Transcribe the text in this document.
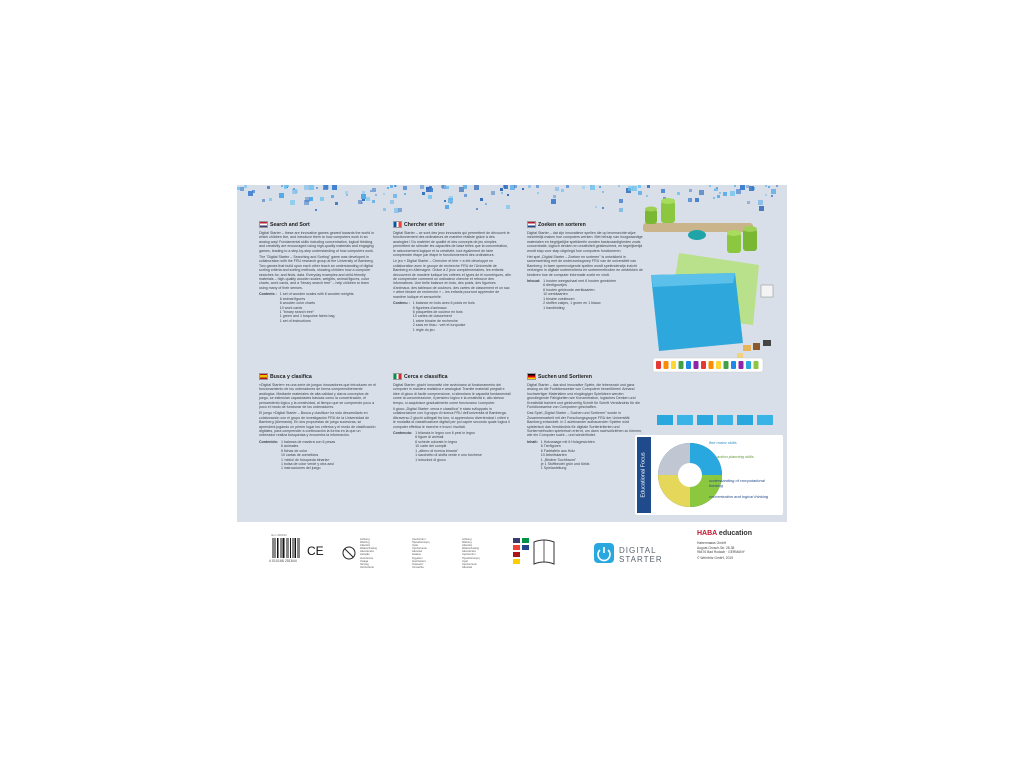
Search and Sort

Digital Starter – these are innovative games geared towards the world in which children live, and introduce them to how computers work in an analog way! Fundamental skills including concentration, logical thinking, and creativity are encouraged using high-quality materials and engaging games, leading to a step-by-step understanding of how computers work.

The "Digital Starter – Searching and Sorting" game was developed in collaboration with the FRU research group at the University of Bamberg. Two games that build upon each other teach an understanding of digital sorting criteria and sorting methods, showing children how a computer searches for, and finds, data. Everyday examples and child-friendly materials – high-quality wooden scales, weights, animal figures, color charts, work cards, and a "binary search tree" – help children to learn using many of their senses.

Contents : 1 set of wooden scales with 6 wooden weights
6 animal figures
6 wooden color charts
10 work cards
1 "binary search tree"
1 green and 1 turquoise fabric bag
1 set of instructions
Chercher et trier

Digital Starter – ce sont des jeux innovants qui permettent de découvrir le fonctionnement des ordinateurs de manière réaliste grâce à des analogies ! Du matériel de qualité et des concepts de jeu simples permettent de stimuler les capacités de base telles que la concentration, le raisonnement logique et la créativité, tout également de faire comprendre étape par étape le fonctionnement des ordinateurs.

Le jeu « Digital Starter – Chercher et trier » a été développé en collaboration avec le groupe de recherche FRU de l'Université de Bamberg en Allemagne. Grâce à 2 jeux complémentaires, les enfants découvrent de manière ludique les critères et types de tri numériques, afin de comprendre comment un ordinateur cherche et retrouve des informations. Une belle balance en bois, des poids, des figurines d'animaux, des tableaux de couleurs, des cartes de classement et un sac « arbre binaire de recherche » – les enfants pourront apprendre de manière ludique et sensorielle.

Contenu : 1 balance en bois avec 6 poids en bois
6 figurines d'animaux
6 plaquettes de couleur en bois
10 cartes de classement
1 arbre binaire de recherche
2 sacs en tissu : vert et turquoise
1 règle du jeu
Zoeken en sorteren

Digital Starter – dat zijn innovatieve spellen die op levensechte wijze inzichtelijk maken hoe computers werken. Met behulp van hoogwaardige materialen en begrijpelijke spelideeën worden basisvaardigheden zoals concentratie, logisch denken en creativiteit gestimuleerd, en tegelijkertijd wordt stap voor stap uitgelegd hoe computers functioneren.

Het spel „Digital Starter – Zoeken en sorteren" is ontwikkeld in samenwerking met de onderzoeksgroep FRU van de universiteit van Bamberg. In twee opeenvolgende spellen wordt spelenderwijs inzicht verkregen in digitale sorteercriteria en sorteermethoden en ontdekken de kinderen hoe de computer informatie zoekt en vindt.

Inhoud: 1 houten weegschaal met 6 houten gewichten
6 diertiguurtjes
6 houten gekleurde werkkaarten
10 werkkaarten
1 binaire zoekboom
2 stoffen zakjes, 1 groen en 1 blauw
1 handleiding
Busca y clasifica

«Digital Starter» es una serie de juegos innovadores que introducen en el funcionamiento de los ordenadores de forma comprensiblemente análogica. Mediante materiales de alta calidad y claros conceptos de juego, se estimulan capacidades básicas como la concentración, el pensamiento lógico y la creatividad, al tiempo que se comprende poco a poco el modo de funcionar de los ordenadores.

El juego «Digital Starter – Busca y clasifica» ha sido desarrollado en colaboración con el grupo de investigación FRU de la Universidad de Bamberg (Alemania). En dos propuestas de juego sucesivas, se aprenderá jugando un primer lugar los criterios y el modo de clasificación digitales, para comprender a continuación la forma en la que un ordenador realiza búsquedas y encuentra la información.

Contenido: 1 balanza de madera con 6 pesas
6 animales
6 fichas de color
10 cartas de cometidos
1 «árbol de búsqueda binaria»
1 bolsa de color verde y otra azul
1 instrucciones del juego
Cerca e classifica

Digital Starter: giochi innovativi che avvicinano al funzionamento dei computer in maniera realistica e analogica! Tramite materiali pregiati e idee di gioco di facile comprensione, si stimolano le capacità fondamentali come la concentrazione, il pensiero logico e la creatività e, allo stesso tempo, si acquisisce gradualmente come funzionano i computer.

Il gioco „Digital Starter: cerca e classifica" è stato sviluppato in collaborazione con il gruppo di ricerca FRU dell'università di Bamberga. Attraverso 2 giochi collegati fra loro, si apprendono divertendosi i criteri e le modalità di classificazione digitali per poi capire secondo quale logica il computer effettua le ricerche e trova i risultati.

Contenuto: 1 bilancia in legno con 6 pesi in legno
6 figure di animali
6 schede colorate in legno
10 carte dei compiti
1 „albero di ricerca binaria"
1 sacchetto di stoffa verde e uno turchese
1 istruzioni di gioco
Suchen und Sortieren

Digital Starter – das sind innovative Spiele, die lebensnah und ganz analog an die Funktionsweise von Computern heranführen! Anhand hochwertiger Materialien und eingängiger Spielideen werden grundlegende Fähigkeiten wie Konzentration, logisches Denken und Kreativität trainiert und gleichzeitig Schritt für Schritt Verständnis für die Funktionsweise von Computern geschaffen.

Das Spiel „Digital Starter – Suchen und Sortieren" wurde in Zusammenarbeit mit der Forschungsgruppe FRU der Universität Bamberg entwickelt. In 2 aufeinander aufbauenden Spielen wird spielerisch das Verständnis für digitale Sortierkriterien und Sortiermethoden spielerisch erlernt, um dann nachvollziehen zu können, wie ein Computer sucht – und wiederfindet.

Inhalt: 1 Holzwaage mit 6 Holzgewichten
6 Tierfiguren
6 Farbtafeln aus Holz
10 Arbeitskarten
1 „Binärer Suchbaum"
je 1 Stoffbeutel grün und türkis
1 Spielanleitung	Educational Focus
fine motor skills
action planning skills
understanding of computational thinking
concentration and logical thinking
Item 306192
4 010168 251844
CE
Achtung
Warning
Attention
Waarschuwing
Advertencia
Atenção
Avvertenza
Uwaga
Varning
Ostrzeżenie
Upozornění
Προειδοποίηση
Uyarı
Upozornenie
Advarsel
Hoiatus
Figyelem
Avertisment
Опасност
Uzmanību
Achtung
Warning
Attention
Waarschuwing
Advertencia
Upozornění
Προειδοποίηση
Uyarı
Upozornenie
Advarsel
DIGITAL STARTER
HABA education
Habermaass GmbH
August-Grosch-Str. 28-38
96476 Bad Rodach · GERMANY
© Wehrfritz GmbH, 2019
